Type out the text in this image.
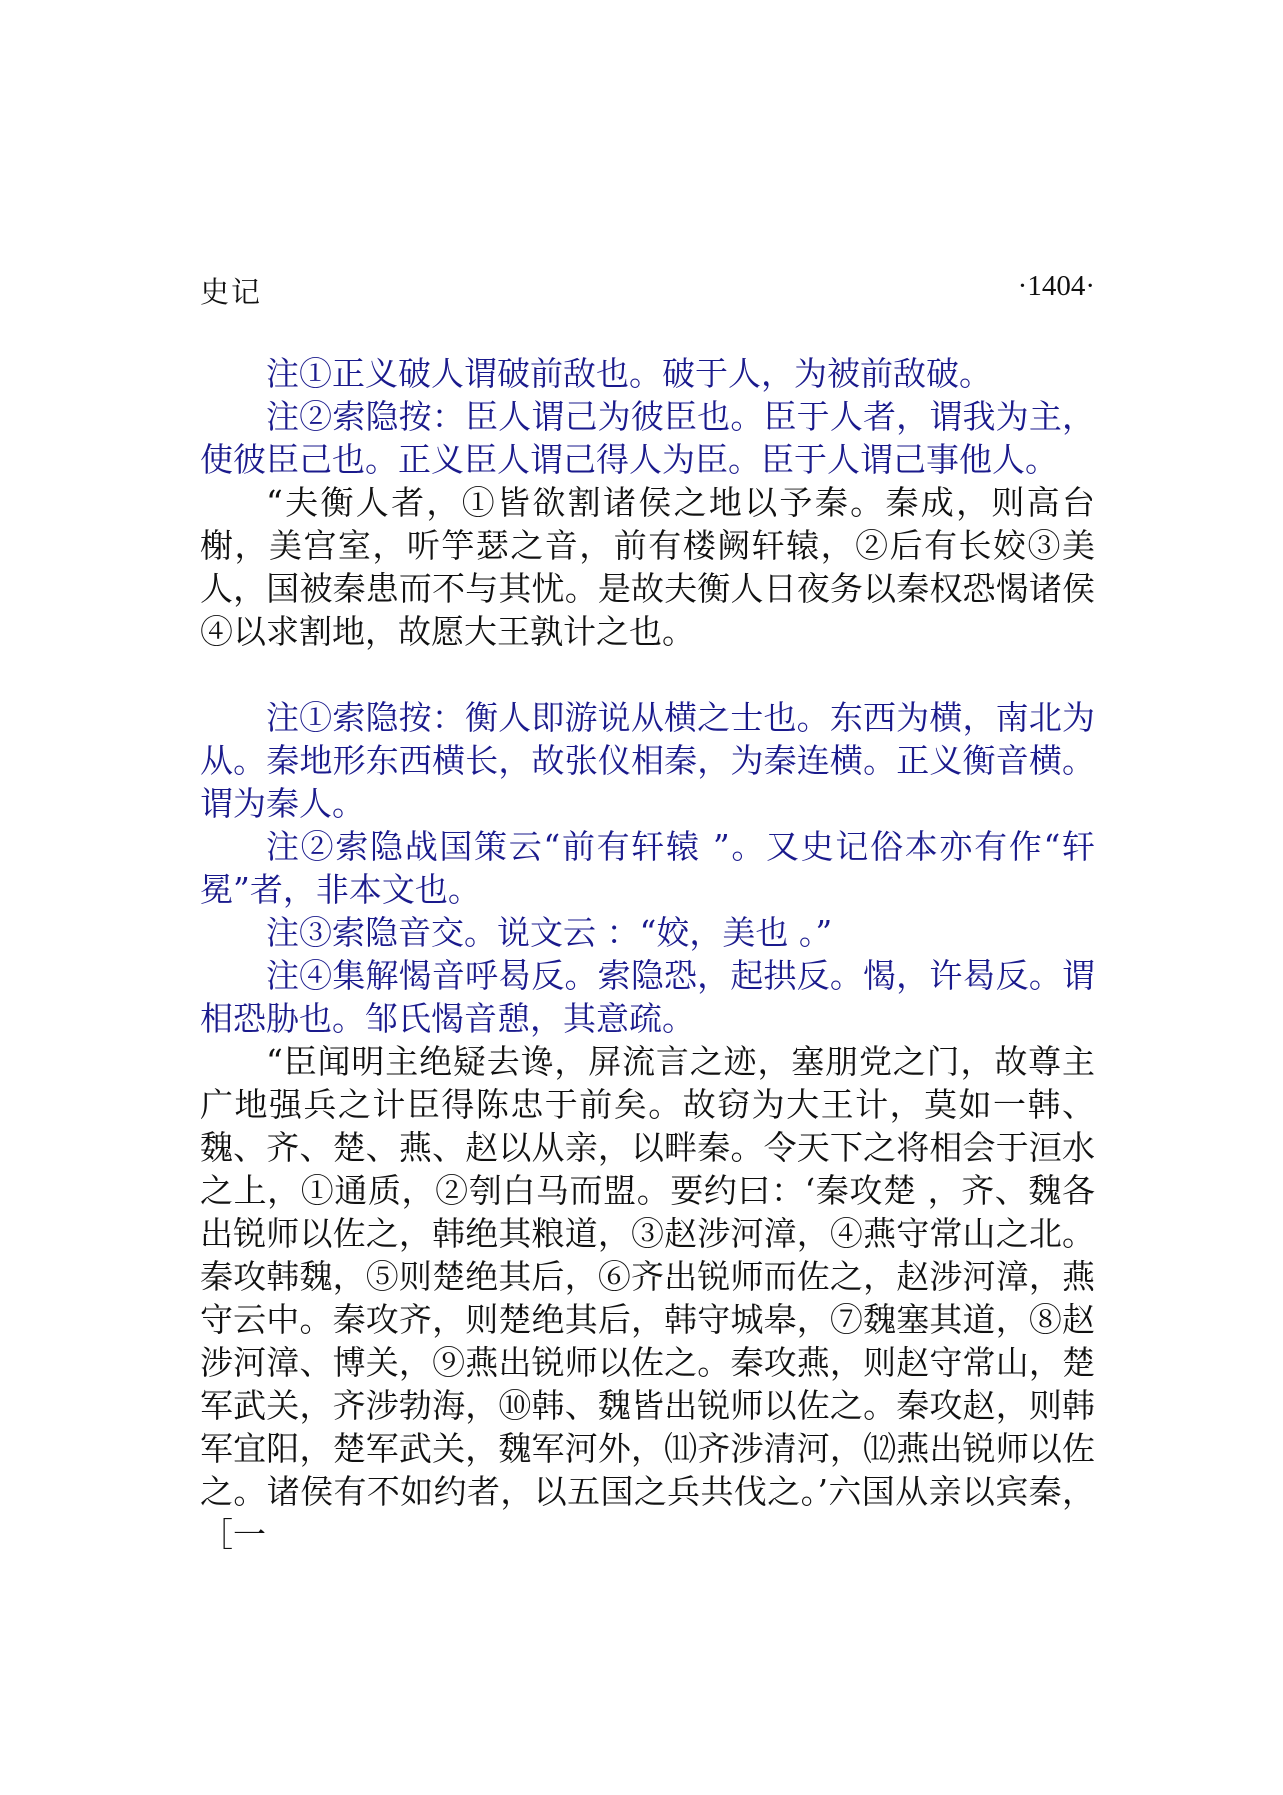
史记	·1404·

注①正义破人谓破前敌也。破于人，为被前敌破。

注②索隐按：臣人谓己为彼臣也。臣于人者，谓我为主，使彼臣己也。正义臣人谓己得人为臣。臣于人谓己事他人。

“夫衡人者，①皆欲割诸侯之地以予秦。秦成，则高台榭，美宫室，听竽瑟之音，前有楼阙轩辕，②后有长姣③美人，国被秦患而不与其忧。是故夫衡人日夜务以秦权恐愒诸侯④以求割地，故愿大王孰计之也。

注①索隐按：衡人即游说从横之士也。东西为横，南北为从。秦地形东西横长，故张仪相秦，为秦连横。正义衡音横。谓为秦人。

注②索隐战国策云“前有轩辕 ”。又史记俗本亦有作“轩冕”者，非本文也。

注③索隐音交。说文云 ：“姣，美也 。”

注④集解愒音呼曷反。索隐恐，起拱反。愒，许曷反。谓相恐胁也。邹氏愒音憩，其意疏。

“臣闻明主绝疑去谗，屏流言之迹，塞朋党之门，故尊主广地强兵之计臣得陈忠于前矣。故窃为大王计，莫如一韩、魏、齐、楚、燕、赵以从亲，以畔秦。令天下之将相会于洹水之上，①通质，②刳白马而盟。要约曰：‘秦攻楚 ，齐、魏各出锐师以佐之，韩绝其粮道，③赵涉河漳，④燕守常山之北。秦攻韩魏，⑤则楚绝其后，⑥齐出锐师而佐之，赵涉河漳，燕守云中。秦攻齐，则楚绝其后，韩守城皋，⑦魏塞其道，⑧赵涉河漳、博关，⑨燕出锐师以佐之。秦攻燕，则赵守常山，楚军武关，齐涉勃海，⑩韩、魏皆出锐师以佐之。秦攻赵，则韩军宜阳，楚军武关，魏军河外，⑾齐涉清河，⑿燕出锐师以佐之。诸侯有不如约者，以五国之兵共伐之。’六国从亲以宾秦，［一
